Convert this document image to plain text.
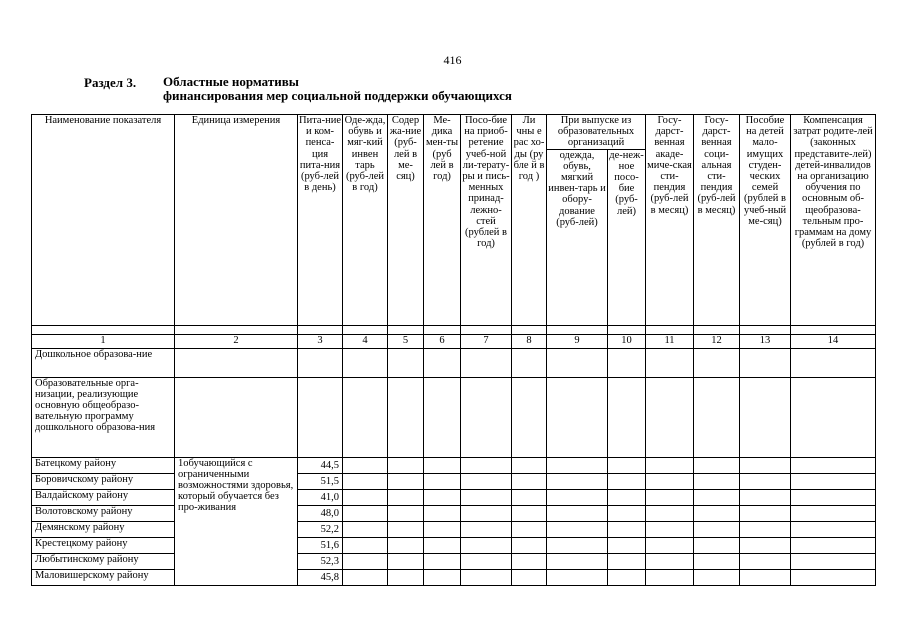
416
Раздел 3. Областные нормативы
финансирования мер социальной поддержки обучающихся
Наименование показателя	Единица измерения	Пита-ние и ком-пенса-ция пита-ния (руб-лей в день)	Оде-жда, обувь и мяг-кий инвен тарь (руб-лей в год)	Содер жа-ние (руб-лей в ме-сяц)	Ме-дика мен-ты (руб лей в год)	Посо-бие на приоб-ретение учеб-ной ли-терату-ры и пись-менных принад-лежно-стей (рублей в год)	Ли чны е рас хо-ды (ру бле й в год )	При выпуске из образовательных организаций		Госу-дарст-венная акаде-миче-ская сти-пендия (руб-лей в месяц)	Госу-дарст-венная соци-альная сти-пендия (руб-лей в месяц)	Пособие на детей мало-имущих студен-ческих семей (рублей в учеб-ный ме-сяц)	Компенсация затрат родите-лей (законных представите-лей) детей-инвалидов на организацию обучения по основным об-щеобразова-тельным про-граммам на дому (рублей в год)
								одежда, обувь, мягкий инвен-тарь и обору-дование (руб-лей)	де-неж-ное посо-бие (руб-лей)				

1	2	3	4	5	6	7	8	9	10	11	12	13	14
Дошкольное образова-ние													
Образовательные орга-низации, реализующие основную общеобразо-вательную программу дошкольного образова-ния													
Батецкому району	1обучающийся с ограниченными возможностями здоровья, который обучается без про-живания	44,5											
Боровичскому району		51,5											
Валдайскому району		41,0											
Волотовскому району		48,0											
Демянскому району		52,2											
Крестецкому району		51,6											
Любытинскому району		52,3											
Маловишерскому району		45,8											
